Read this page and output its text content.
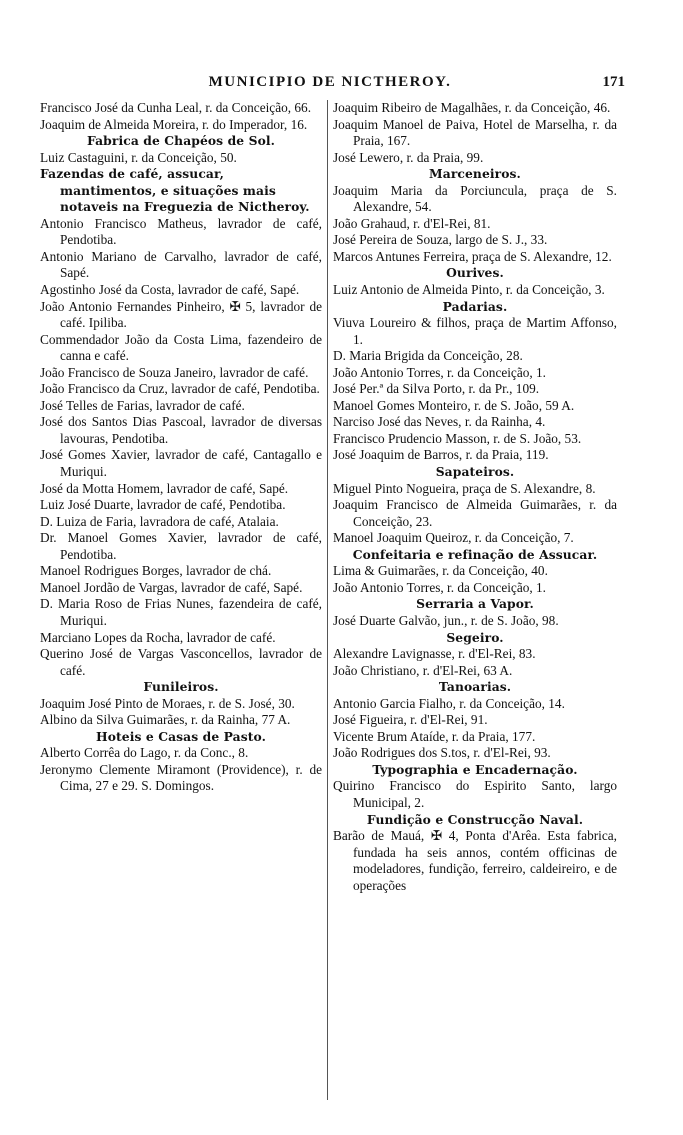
MUNICIPIO DE NICTHEROY.	171
Francisco José da Cunha Leal, r. da Conceição, 66.
Joaquim de Almeida Moreira, r. do Imperador, 16.
Fabrica de Chapéos de Sol.
Luiz Castaguini, r. da Conceição, 50.
Fazendas de café, assucar, mantimentos, e situações mais notaveis na Freguezia de Nictheroy.
Antonio Francisco Matheus, lavrador de café, Pendotiba.
Antonio Mariano de Carvalho, lavrador de café, Sapé.
Agostinho José da Costa, lavrador de café, Sapé.
João Antonio Fernandes Pinheiro, ✠ 5, lavrador de café. Ipiliba.
Commendador João da Costa Lima, fazendeiro de canna e café.
João Francisco de Souza Janeiro, lavrador de café.
João Francisco da Cruz, lavrador de café, Pendotiba.
José Telles de Farias, lavrador de café.
José dos Santos Dias Pascoal, lavrador de diversas lavouras, Pendotiba.
José Gomes Xavier, lavrador de café, Cantagallo e Muriqui.
José da Motta Homem, lavrador de café, Sapé.
Luiz José Duarte, lavrador de café, Pendotiba.
D. Luiza de Faria, lavradora de café, Atalaia.
Dr. Manoel Gomes Xavier, lavrador de café, Pendotiba.
Manoel Rodrigues Borges, lavrador de chá.
Manoel Jordão de Vargas, lavrador de café, Sapé.
D. Maria Roso de Frias Nunes, fazendeira de café, Muriqui.
Marciano Lopes da Rocha, lavrador de café.
Querino José de Vargas Vasconcellos, lavrador de café.
Funileiros.
Joaquim José Pinto de Moraes, r. de S. José, 30.
Albino da Silva Guimarães, r. da Rainha, 77 A.
Hoteis e Casas de Pasto.
Alberto Corrêa do Lago, r. da Conc., 8.
Jeronymo Clemente Miramont (Providence), r. de Cima, 27 e 29. S. Domingos.
Joaquim Ribeiro de Magalhães, r. da Conceição, 46.
Joaquim Manoel de Paiva, Hotel de Marselha, r. da Praia, 167.
José Lewero, r. da Praia, 99.
Marceneiros.
Joaquim Maria da Porciuncula, praça de S. Alexandre, 54.
João Grahaud, r. d'El-Rei, 81.
José Pereira de Souza, largo de S. J., 33.
Marcos Antunes Ferreira, praça de S. Alexandre, 12.
Ourives.
Luiz Antonio de Almeida Pinto, r. da Conceição, 3.
Padarias.
Viuva Loureiro & filhos, praça de Martim Affonso, 1.
D. Maria Brigida da Conceição, 28.
João Antonio Torres, r. da Conceição, 1.
José Per.ª da Silva Porto, r. da Pr., 109.
Manoel Gomes Monteiro, r. de S. João, 59 A.
Narciso José das Neves, r. da Rainha, 4.
Francisco Prudencio Masson, r. de S. João, 53.
José Joaquim de Barros, r. da Praia, 119.
Sapateiros.
Miguel Pinto Nogueira, praça de S. Alexandre, 8.
Joaquim Francisco de Almeida Guimarães, r. da Conceição, 23.
Manoel Joaquim Queiroz, r. da Conceição, 7.
Confeitaria e refinação de Assucar.
Lima & Guimarães, r. da Conceição, 40.
João Antonio Torres, r. da Conceição, 1.
Serraria a Vapor.
José Duarte Galvão, jun., r. de S. João, 98.
Segeiro.
Alexandre Lavignasse, r. d'El-Rei, 83.
João Christiano, r. d'El-Rei, 63 A.
Tanoarias.
Antonio Garcia Fialho, r. da Conceição, 14.
José Figueira, r. d'El-Rei, 91.
Vicente Brum Ataíde, r. da Praia, 177.
João Rodrigues dos S.tos, r. d'El-Rei, 93.
Typographia e Encadernação.
Quirino Francisco do Espirito Santo, largo Municipal, 2.
Fundição e Construcção Naval.
Barão de Mauá, ✠ 4, Ponta d'Arêa. Esta fabrica, fundada ha seis annos, contém officinas de modeladores, fundição, ferreiro, caldeireiro, e de operações
